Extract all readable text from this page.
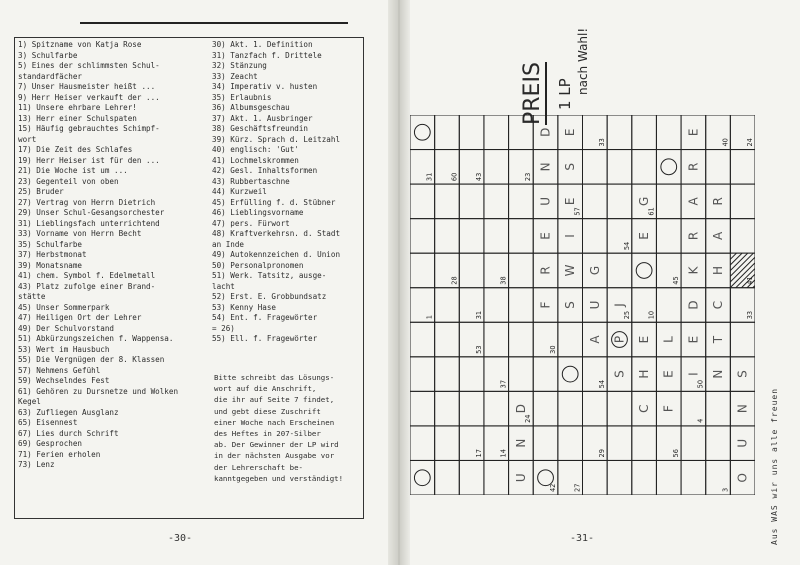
1) Spitzname von Katja Rose
3) Schulfarbe
5) Eines der schlimmsten Schul-
standardfächer
7) Unser Hausmeister heißt ...
9) Herr Heiser verkauft der ...
11) Unsere ehrbare Lehrer!
13) Herr einer Schulspaten
15) Häufig gebrauchtes Schimpf-
wort
17) Die Zeit des Schlafes
19) Herr Heiser ist für den ...
21) Die Woche ist um ...
23) Gegenteil von oben
25) Bruder
27) Vertrag von Herrn Dietrich
29) Unser Schul-Gesangsorchester
31) Lieblingsfach unterrichtend
33) Vorname von Herrn Becht
35) Schulfarbe
37) Herbstmonat
39) Monatsname
41) chem. Symbol f. Edelmetall
43) Platz zufolge einer Brand-
stätte
45) Unser Sommerpark
47) Heiligen Ort der Lehrer
49) Der Schulvorstand
51) Abkürzungszeichen f. Wappensa.
53) Wert im Hausbuch
55) Die Vergnügen der 8. Klassen
57) Nehmens Gefühl
59) Wechselndes Fest
61) Gehören zu Dursnetze und Wolken
Kegel
63) Zufliegen Ausglanz
65) Eisennest
67) Lies durch Schrift
69) Gesprochen
71) Ferien erholen
73) Lenz
30) Akt. 1. Definition
31) Tanzfach f. Drittele
32) Stänzung
33) Zeacht
34) Imperativ v. husten
35) Erlaubnis
36) Albumsgeschau
37) Akt. 1. Ausbringer
38) Geschäftsfreundin
39) Kürz. Sprach d. Leitzahl
40) englisch: 'Gut'
41) Lochmelskrommen
42) Gesl. Inhaltsformen
43) Rubbertaschne
44) Kurzweil
45) Erfülling f. d. Stübner
46) Lieblingsvorname
47) pers. Fürwort
48) Kraftverkehrsn. d. Stadt
an Inde
49) Autokennzeichen d. Union
50) Personalpronomen
51) Werk. Tatsitz, ausge-
lacht
52) Erst. E. Grobbundsatz
53) Kenny Hase
54) Ent. f. Fragewörter
= 26)
55) Ell. f. Fragewörter
Bitte schreibt das Lösungs-
wort auf die Anschrift,
die ihr auf Seite 7 findet,
und gebt diese Zuschrift
einer Woche nach Erscheinen
des Heftes in 207-Silber
ab. Der Gewinner der LP wird
in der nächsten Ausgabe vor
der Lehrerschaft be-
kanntgegeben und verständigt!
-30-
PREIS 1 LP nach Wahl!
-31-
U
N
D
F
R
E
U
N
D
S
W
I
E
S
E
A
U
G
S
P
J
C
H
E
E
G
F
E
L
I
E
D
N
T
C
H
A
R
O
U
N
S
K
R
A
R
E
1
31
28
60
17
53
31
43
14
37
38
24
23
42
30
27
57
29
54
33
25
54
10
61
56
45
4
50
3
40
33
41
24
Aus WAS wir uns alle freuen
